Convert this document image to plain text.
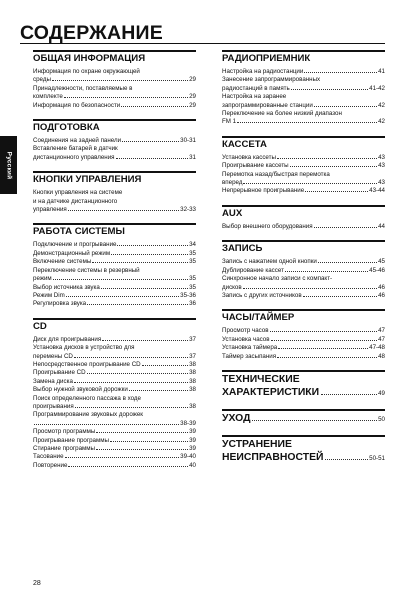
СОДЕРЖАНИЕ
Русский
ОБЩАЯ ИНФОРМАЦИЯ
Информация по охране окружающей
среды	29
Принадлежности, поставляемые в
комплекте	29
Информация по безопасности	29
ПОДГОТОВКА
Соединения на задней панели	30-31
Вставление батарей в датчик
дистанционного управления	31
КНОПКИ УПРАВЛЕНИЯ
Кнопки управления на системе
и на датчике дистанционного
управления	32-33
РАБОТА СИСТЕМЫ
Подключение и прогрывание	34
Демонстрационный режим	35
Включение системы	35
Переключение системы в резервный
режим	35
Выбор источника звука	35
Режим Dim	35-36
Регулировка звука	36
CD
Диск для проигрывания	37
Установка дисков в устройство для
перемены CD	37
Непосредственное проигрывание CD	38
Проигрывание CD	38
Замена диска	38
Выбор нужной звуковой дорожки	38
Поиск определенного пассажа в ходе
проигрывания	38
Программирование звуковых дорожек
38-39
Просмотр программы	39
Проигрывание программы	39
Стирание программы	39
Тасование	39-40
Повторение	40
РАДИОПРИЕМНИК
Настройка на радиостанции	41
Занесение запрограммированных
радиостанций в память	41-42
Настройка на заранее
запрограммированные станции	42
Переключение на более низкий диапазон
FM 1	42
КАССЕТА
Установка кассеты	43
Проигрывание кассеты	43
Перемотка назад/быстрая перемотка
вперед	43
Непрерывное проигрывание	43-44
AUX
Выбор внешнего оборудования	44
ЗАПИСЬ
Запись с нажатием одной кнопки	45
Дублирование кассет	45-46
Синхронное начало записи с компакт-
дисков	46
Запись с других источников	46
ЧАСЫ/ТАЙМЕР
Просмотр часов	47
Установка часов	47
Установка таймера	47-48
Таймер засыпания	48
ТЕХНИЧЕСКИЕ
ХАРАКТЕРИСТИКИ	49
УХОД	50
УСТРАНЕНИЕ
НЕИСПРАВНОСТЕЙ	50-51
28
